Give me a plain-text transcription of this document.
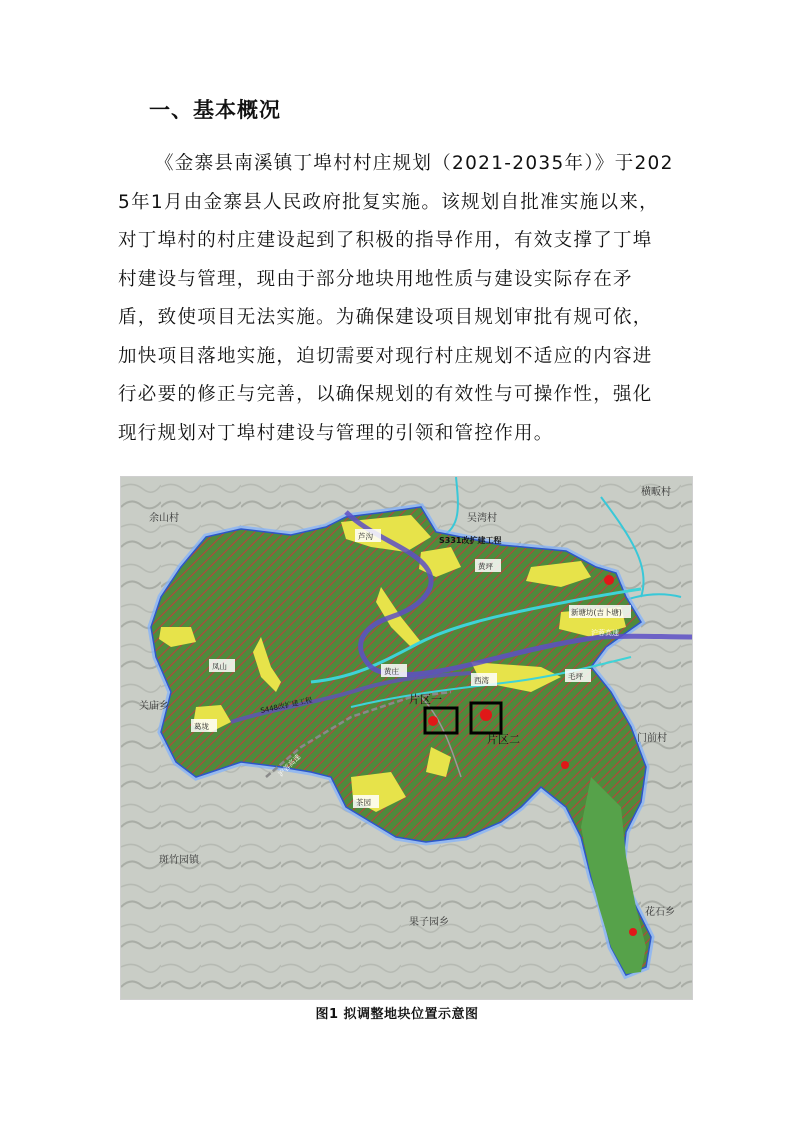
一、基本概况
《金寨县南溪镇丁埠村村庄规划（2021-2035年）》于202
5年1月由金寨县人民政府批复实施。该规划自批准实施以来，
对丁埠村的村庄建设起到了积极的指导作用，有效支撑了丁埠
村建设与管理，现由于部分地块用地性质与建设实际存在矛
盾，致使项目无法实施。为确保建设项目规划审批有规可依，
加快项目落地实施，迫切需要对现行村庄规划不适应的内容进
行必要的修正与完善，以确保规划的有效性与可操作性，强化
现行规划对丁埠村建设与管理的引领和管控作用。
余山村	吴湾村
横畈村
关庙乡
门前村
斑竹园镇
果子园乡
花石乡
芦沟
黄坪
新塘坊(吉卜塘)
凤山
黄庄
西湾	毛坪
葛垅
茶园
S331改扩建工程
S448改扩建工程
沪蓉高速
沪蓉高速
片区一
片区二
图1 拟调整地块位置示意图
